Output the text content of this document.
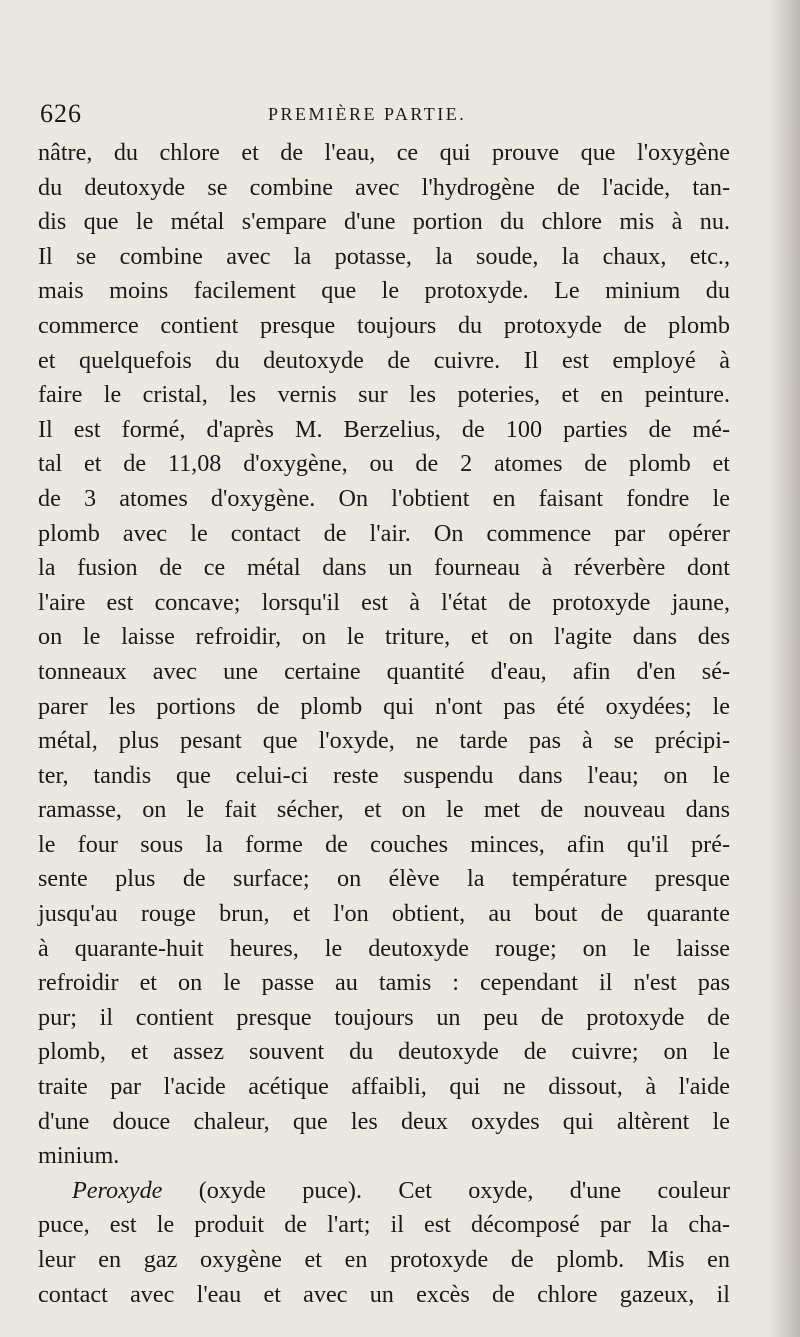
626	PREMIÈRE PARTIE.
nâtre, du chlore et de l'eau, ce qui prouve que l'oxygène
du deutoxyde se combine avec l'hydrogène de l'acide, tan-
dis que le métal s'empare d'une portion du chlore mis à nu.
Il se combine avec la potasse, la soude, la chaux, etc.,
mais moins facilement que le protoxyde. Le minium du
commerce contient presque toujours du protoxyde de plomb
et quelquefois du deutoxyde de cuivre. Il est employé à
faire le cristal, les vernis sur les poteries, et en peinture.
Il est formé, d'après M. Berzelius, de 100 parties de mé-
tal et de 11,08 d'oxygène, ou de 2 atomes de plomb et
de 3 atomes d'oxygène. On l'obtient en faisant fondre le
plomb avec le contact de l'air. On commence par opérer
la fusion de ce métal dans un fourneau à réverbère dont
l'aire est concave; lorsqu'il est à l'état de protoxyde jaune,
on le laisse refroidir, on le triture, et on l'agite dans des
tonneaux avec une certaine quantité d'eau, afin d'en sé-
parer les portions de plomb qui n'ont pas été oxydées; le
métal, plus pesant que l'oxyde, ne tarde pas à se précipi-
ter, tandis que celui-ci reste suspendu dans l'eau; on le
ramasse, on le fait sécher, et on le met de nouveau dans
le four sous la forme de couches minces, afin qu'il pré-
sente plus de surface; on élève la température presque
jusqu'au rouge brun, et l'on obtient, au bout de quarante
à quarante-huit heures, le deutoxyde rouge; on le laisse
refroidir et on le passe au tamis : cependant il n'est pas
pur; il contient presque toujours un peu de protoxyde de
plomb, et assez souvent du deutoxyde de cuivre; on le
traite par l'acide acétique affaibli, qui ne dissout, à l'aide
d'une douce chaleur, que les deux oxydes qui altèrent le
minium.
Peroxyde (oxyde puce). Cet oxyde, d'une couleur
puce, est le produit de l'art; il est décomposé par la cha-
leur en gaz oxygène et en protoxyde de plomb. Mis en
contact avec l'eau et avec un excès de chlore gazeux, il
